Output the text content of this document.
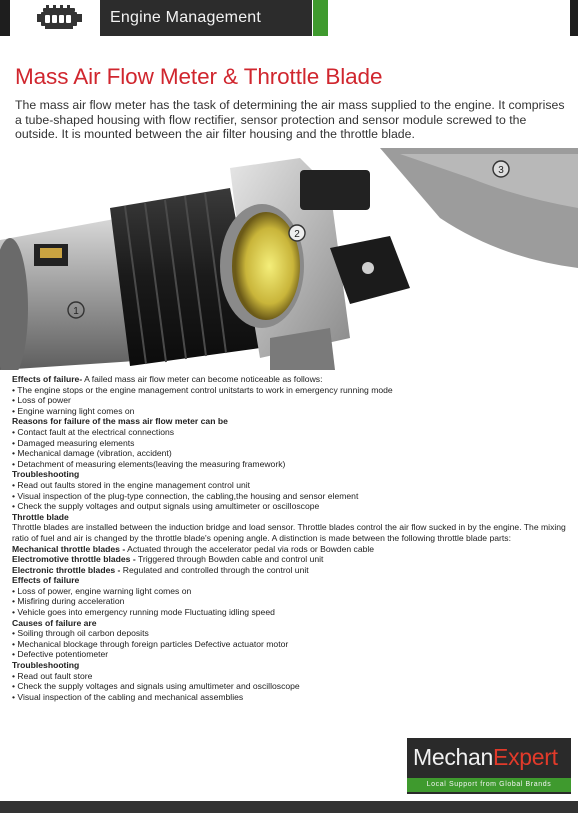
Engine Management
Mass Air Flow Meter & Throttle Blade

The mass air flow meter has the task of determining the air mass supplied to the engine. It comprises a tube-shaped housing with flow rectifier, sensor protection and sensor module screwed to the outside. It is mounted between the air filter housing and the throttle blade.

1
2
3

Effects of failure- A failed mass air flow meter can become noticeable as follows:

• The engine stops or the engine management control unitstarts to work in emergency running mode

• Loss of power

• Engine warning light comes on

Reasons for failure of the mass air flow meter can be

• Contact fault at the electrical connections

• Damaged measuring elements

• Mechanical damage (vibration, accident)

• Detachment of measuring elements(leaving the measuring framework)

Troubleshooting

• Read out faults stored in the engine management control unit

• Visual inspection of the plug-type connection, the cabling,the housing and sensor element

• Check the supply voltages and output signals using amultimeter or oscilloscope

Throttle blade

Throttle blades are installed between the induction bridge and load sensor. Throttle blades control the air flow sucked in by the engine. The mixing ratio of fuel and air is changed by the throttle blade's opening angle. A distinction is made between the following throttle blade parts:

Mechanical throttle blades - Actuated through the accelerator pedal via rods or Bowden cable

Electromotive throttle blades - Triggered through Bowden cable and control unit

Electronic throttle blades - Regulated and controlled through the control unit

Effects of failure

• Loss of power, engine warning light comes on

• Misfiring during acceleration

• Vehicle goes into emergency running mode Fluctuating idling speed

Causes of failure are

• Soiling through oil carbon deposits

• Mechanical blockage through foreign particles Defective actuator motor

• Defective potentiometer

Troubleshooting

• Read out fault store

• Check the supply voltages and signals using amultimeter and oscilloscope

• Visual inspection of the cabling and mechanical assemblies

MechanExpert
Local Support from Global Brands
